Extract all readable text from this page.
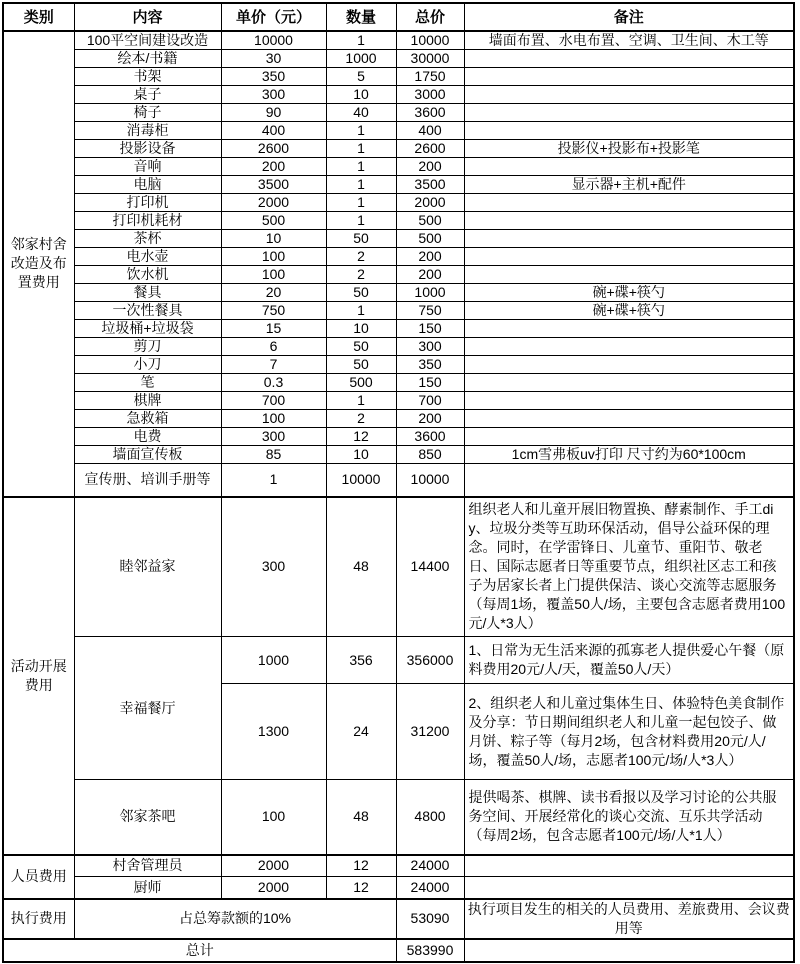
类别	内容	单价（元）	数量	总价	备注
邻家村舍改造及布置费用	100平空间建设改造	10000	1	10000	墙面布置、水电布置、空调、卫生间、木工等
	绘本/书籍	30	1000	30000	
	书架	350	5	1750	
	桌子	300	10	3000	
	椅子	90	40	3600	
	消毒柜	400	1	400	
	投影设备	2600	1	2600	投影仪+投影布+投影笔
	音响	200	1	200	
	电脑	3500	1	3500	显示器+主机+配件
	打印机	2000	1	2000	
	打印机耗材	500	1	500	
	茶杯	10	50	500	
	电水壶	100	2	200	
	饮水机	100	2	200	
	餐具	20	50	1000	碗+碟+筷勺
	一次性餐具	750	1	750	碗+碟+筷勺
	垃圾桶+垃圾袋	15	10	150	
	剪刀	6	50	300	
	小刀	7	50	350	
	笔	0.3	500	150	
	棋牌	700	1	700	
	急救箱	100	2	200	
	电费	300	12	3600	
	墙面宣传板	85	10	850	1cm雪弗板uv打印 尺寸约为60*100cm
	宣传册、培训手册等	1	10000	10000	
活动开展费用	睦邻益家	300	48	14400	组织老人和儿童开展旧物置换、酵素制作、手工diy、垃圾分类等互助环保活动，倡导公益环保的理念。同时，在学雷锋日、儿童节、重阳节、敬老日、国际志愿者日等重要节点，组织社区志工和孩子为居家长者上门提供保洁、谈心交流等志愿服务（每周1场，覆盖50人/场，主要包含志愿者费用100元/人*3人）
	幸福餐厅	1000	356	356000	1、日常为无生活来源的孤寡老人提供爱心午餐（原料费用20元/人/天，覆盖50人/天）
		1300	24	31200	2、组织老人和儿童过集体生日、体验特色美食制作及分享：节日期间组织老人和儿童一起包饺子、做月饼、粽子等（每月2场，包含材料费用20元/人/场，覆盖50人/场，志愿者100元/场/人*3人）
	邻家茶吧	100	48	4800	提供喝茶、棋牌、读书看报以及学习讨论的公共服务空间、开展经常化的谈心交流、互乐共学活动（每周2场，包含志愿者100元/场/人*1人）
人员费用	村舍管理员	2000	12	24000	
	厨师	2000	12	24000	
执行费用	占总筹款额的10%			53090	执行项目发生的相关的人员费用、差旅费用、会议费用等
总计				583990	
